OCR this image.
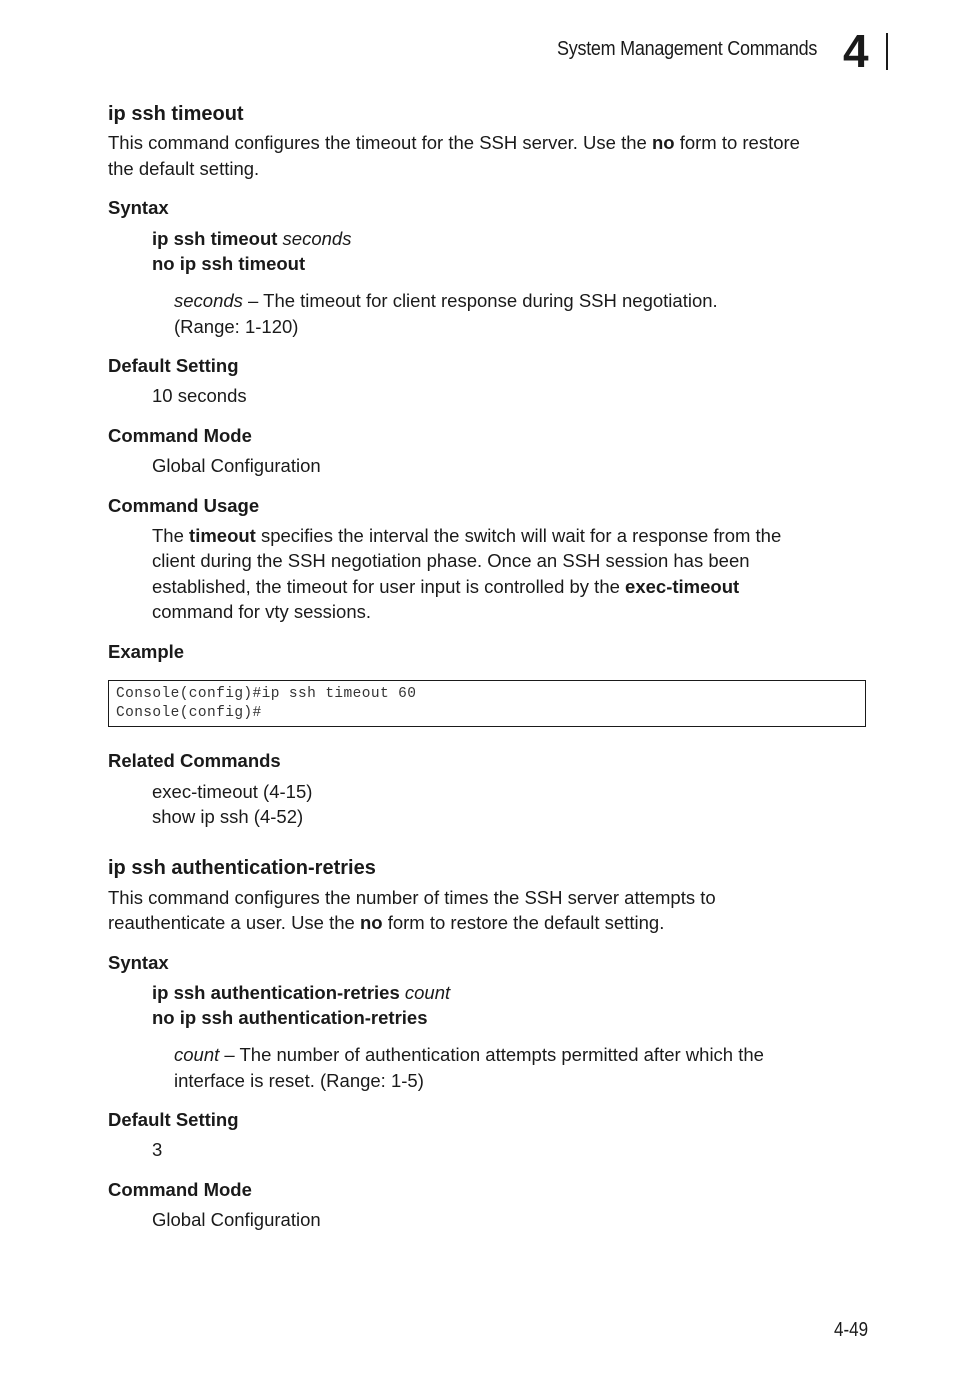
System Management Commands 4
ip ssh timeout
This command configures the timeout for the SSH server. Use the no form to restore
the default setting.
Syntax
ip ssh timeout seconds
no ip ssh timeout
seconds – The timeout for client response during SSH negotiation.
(Range: 1-120)
Default Setting
10 seconds
Command Mode
Global Configuration
Command Usage
The timeout specifies the interval the switch will wait for a response from the
client during the SSH negotiation phase. Once an SSH session has been
established, the timeout for user input is controlled by the exec-timeout
command for vty sessions.
Example
Console(config)#ip ssh timeout 60
Console(config)#
Related Commands
exec-timeout (4-15)
show ip ssh (4-52)
ip ssh authentication-retries
This command configures the number of times the SSH server attempts to
reauthenticate a user. Use the no form to restore the default setting.
Syntax
ip ssh authentication-retries count
no ip ssh authentication-retries
count – The number of authentication attempts permitted after which the
interface is reset. (Range: 1-5)
Default Setting
3
Command Mode
Global Configuration
4-49
